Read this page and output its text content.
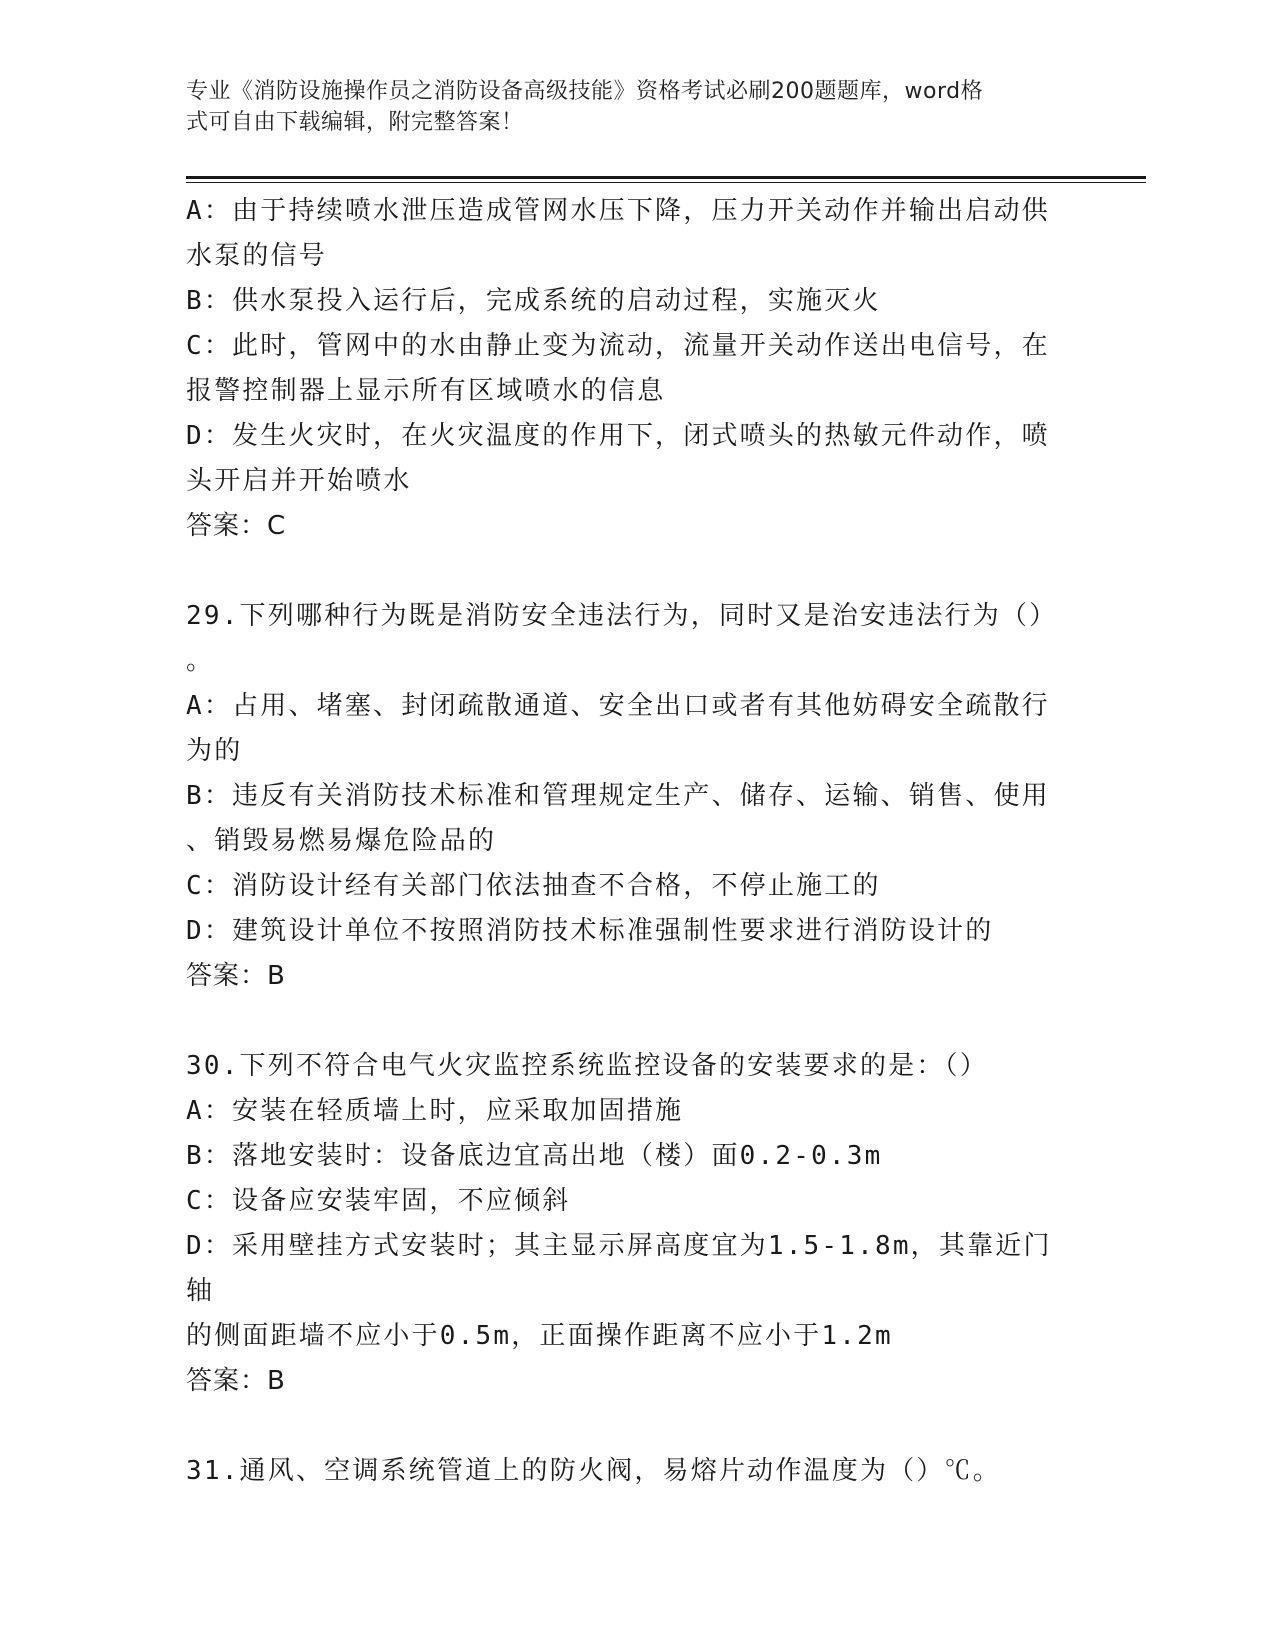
专业《消防设施操作员之消防设备高级技能》资格考试必刷200题题库，word格
式可自由下载编辑，附完整答案！
A：由于持续喷水泄压造成管网水压下降，压力开关动作并输出启动供
水泵的信号
B：供水泵投入运行后，完成系统的启动过程，实施灭火
C：此时，管网中的水由静止变为流动，流量开关动作送出电信号，在
报警控制器上显示所有区域喷水的信息
D：发生火灾时，在火灾温度的作用下，闭式喷头的热敏元件动作，喷
头开启并开始喷水
答案：C
29.下列哪种行为既是消防安全违法行为，同时又是治安违法行为（）
。
A：占用、堵塞、封闭疏散通道、安全出口或者有其他妨碍安全疏散行
为的
B：违反有关消防技术标准和管理规定生产、储存、运输、销售、使用
、销毁易燃易爆危险品的
C：消防设计经有关部门依法抽查不合格，不停止施工的
D：建筑设计单位不按照消防技术标准强制性要求进行消防设计的
答案：B
30.下列不符合电气火灾监控系统监控设备的安装要求的是：（）
A：安装在轻质墙上时，应采取加固措施
B：落地安装时：设备底边宜高出地（楼）面0.2-0.3m
C：设备应安装牢固，不应倾斜
D：采用壁挂方式安装时；其主显示屏高度宜为1.5-1.8m，其靠近门轴
的侧面距墙不应小于0.5m，正面操作距离不应小于1.2m
答案：B
31.通风、空调系统管道上的防火阀，易熔片动作温度为（）℃。
